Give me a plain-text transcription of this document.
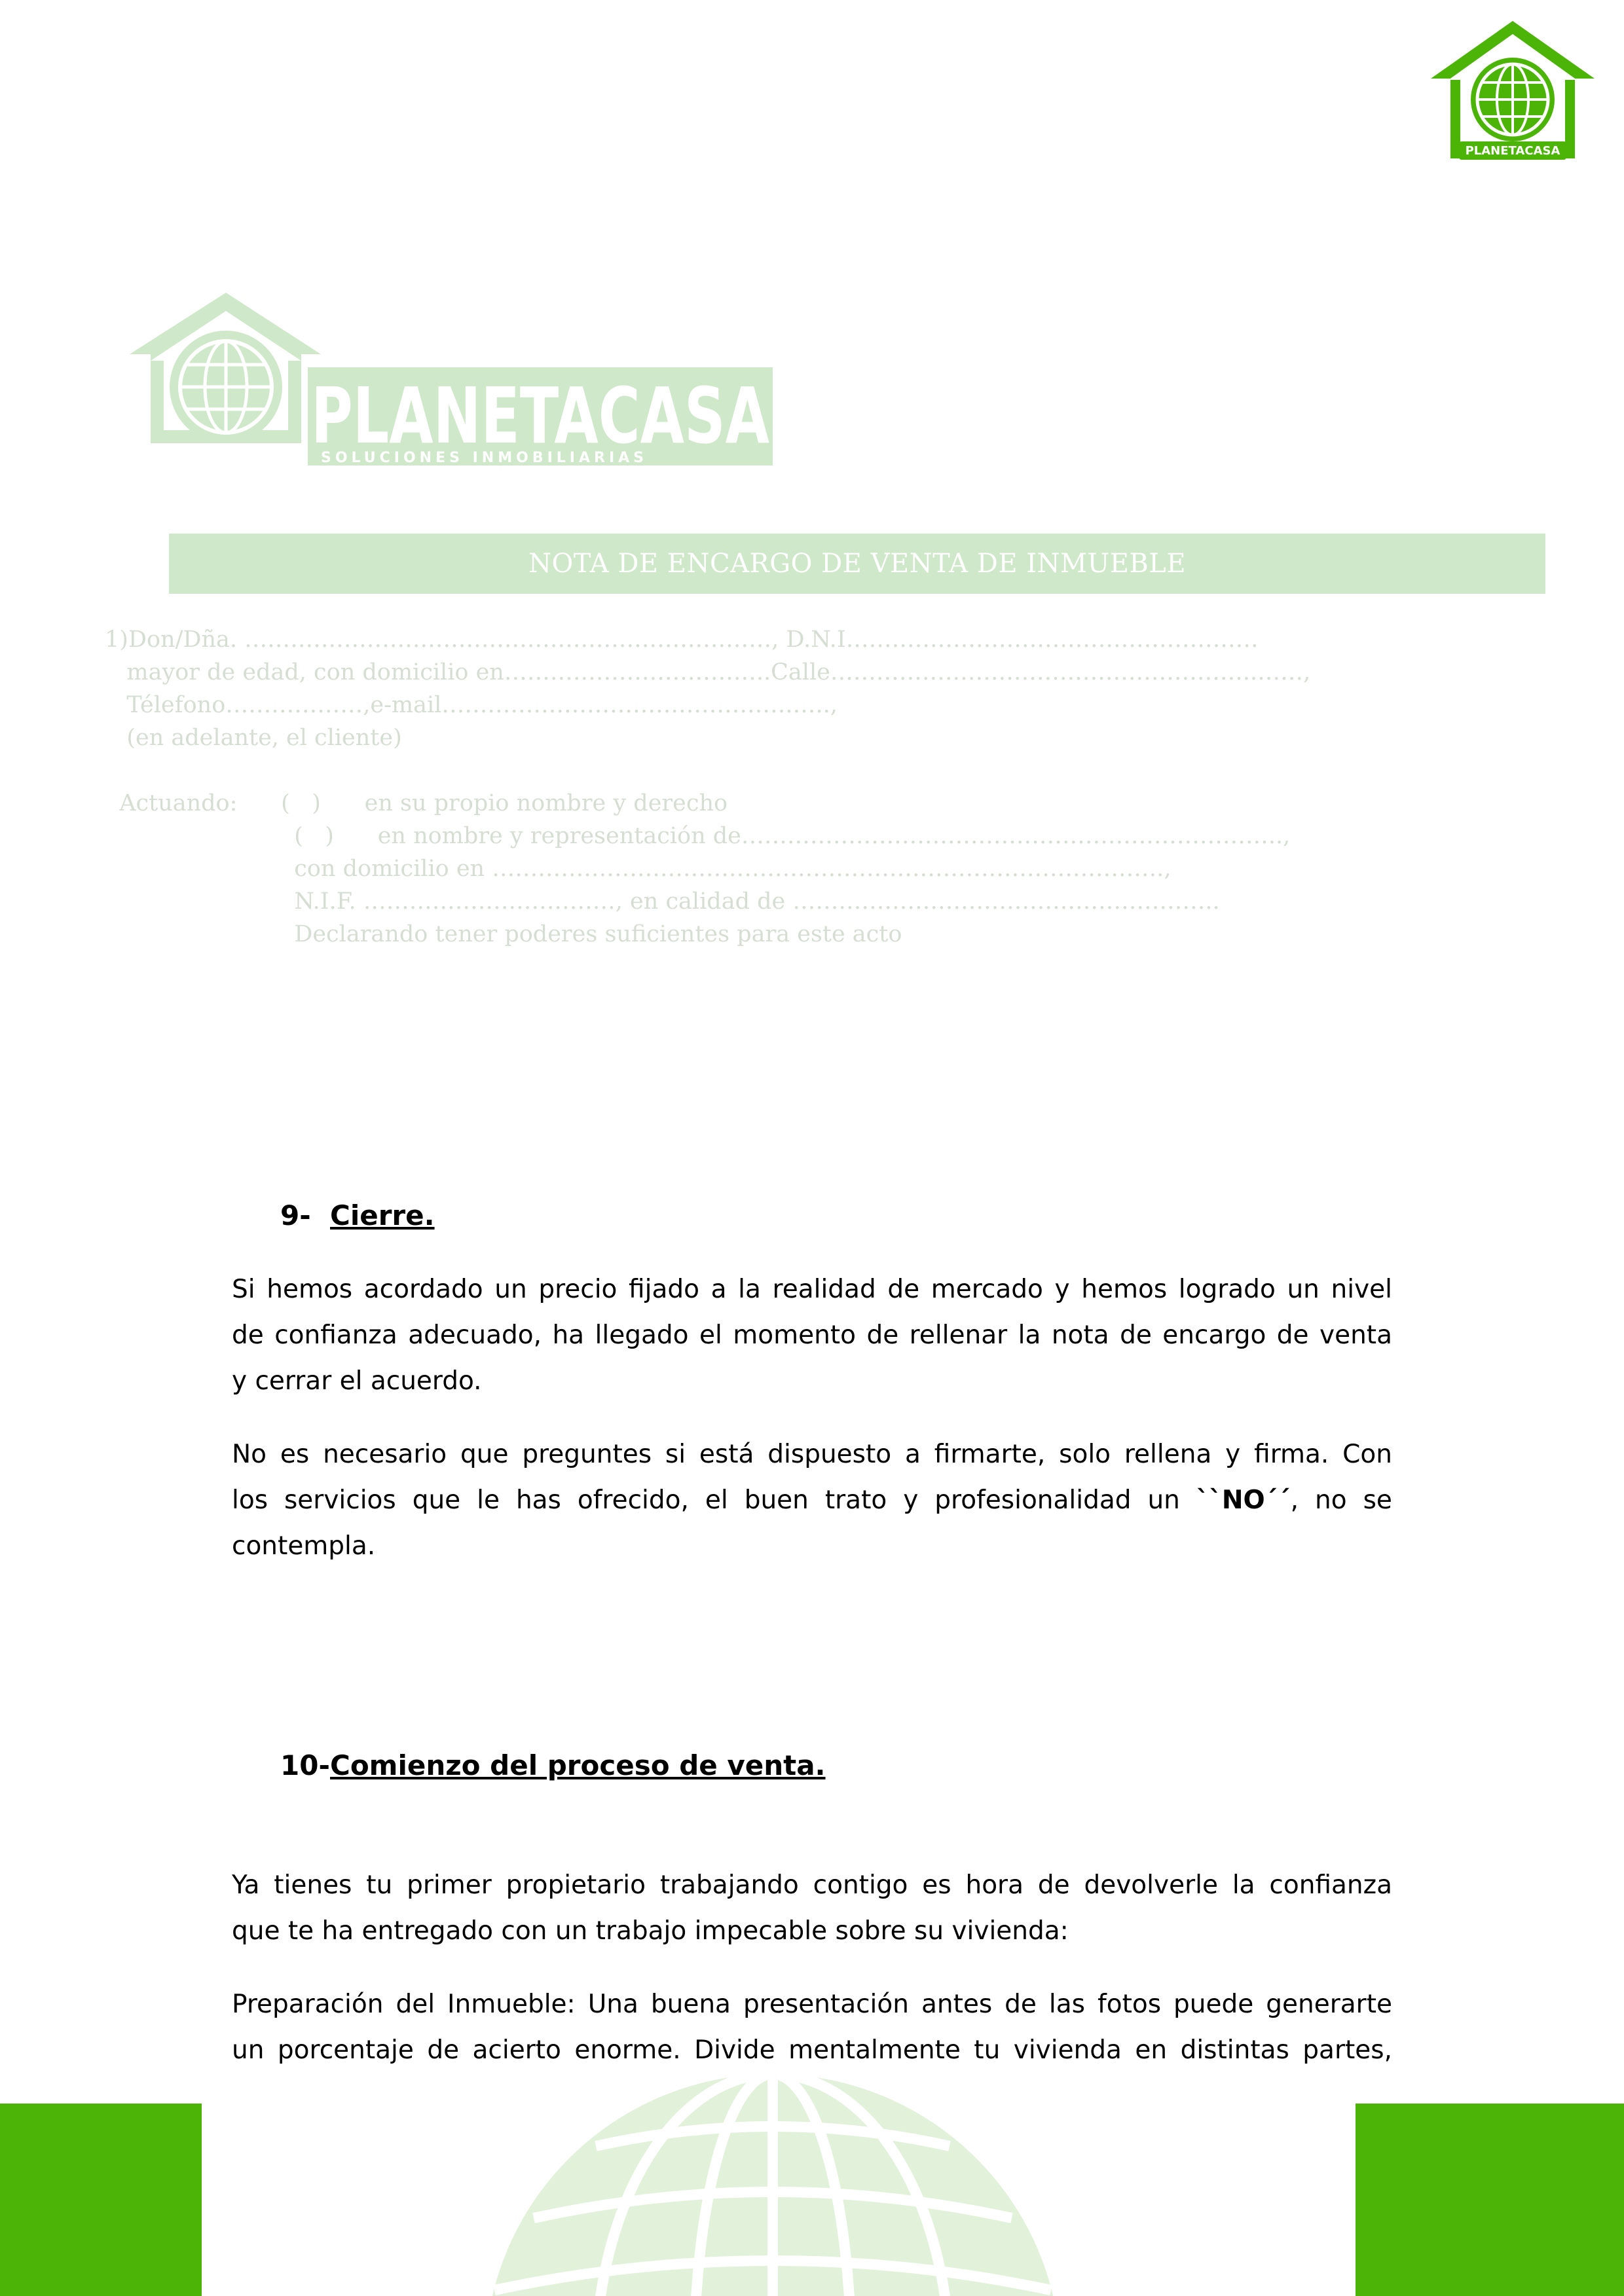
PLANETACASA
PLANETACASA
SOLUCIONES INMOBILIARIAS
NOTA DE ENCARGO DE VENTA DE INMUEBLE
1)Don/Dña. ……………………………………………………………, D.N.I………………………………………………
mayor de edad, con domicilio en……………………………..Calle………………………………………………..……,
Télefono………………,e-mail……………………………………….…..,
(en adelante, el cliente)
Actuando:      (   )      en su propio nombre y derecho
(   )      en nombre y representación de……………………………………………………………..,
con domicilio en …………………………………………………………………………….,
N.I.F. ……………………………, en calidad de ………………………………………………..
Declarando tener poderes suficientes para este acto
9- Cierre.
Si hemos acordado un precio fijado a la realidad de mercado y hemos logrado un nivel
de confianza adecuado, ha llegado el momento de rellenar la nota de encargo de venta
y cerrar el acuerdo.
No es necesario que preguntes si está dispuesto a firmarte, solo rellena y firma. Con
los servicios que le has ofrecido, el buen trato y profesionalidad un ``NO´´, no se
contempla.
10-Comienzo del proceso de venta.
Ya tienes tu primer propietario trabajando contigo es hora de devolverle la confianza
que te ha entregado con un trabajo impecable sobre su vivienda:
Preparación del Inmueble: Una buena presentación antes de las fotos puede generarte
un porcentaje de acierto enorme. Divide mentalmente tu vivienda en distintas partes,
